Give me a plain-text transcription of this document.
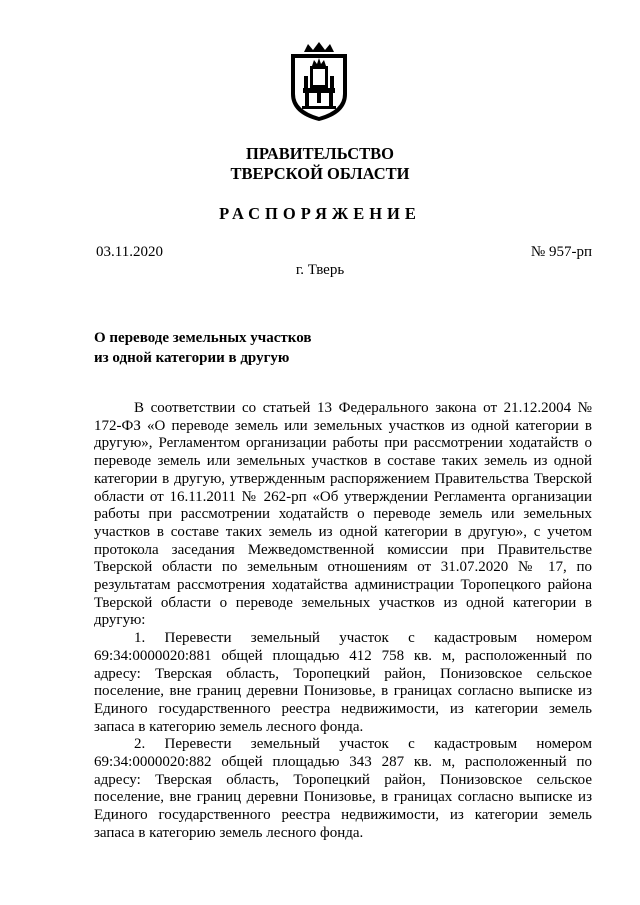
ПРАВИТЕЛЬСТВО
ТВЕРСКОЙ ОБЛАСТИ
РАСПОРЯЖЕНИЕ
03.11.2020	№ 957-рп
г. Тверь
О переводе земельных участков
из одной категории в другую

В соответствии со статьей 13 Федерального закона от 21.12.2004 № 172-ФЗ «О переводе земель или земельных участков из одной категории в другую», Регламентом организации работы при рассмотрении ходатайств о переводе земель или земельных участков в составе таких земель из одной категории в другую, утвержденным распоряжением Правительства Тверской области от 16.11.2011 № 262-рп «Об утверждении Регламента организации работы при рассмотрении ходатайств о переводе земель или земельных участков в составе таких земель из одной категории в другую», с учетом протокола заседания Межведомственной комиссии при Правительстве Тверской области по земельным отношениям от 31.07.2020 № 17, по результатам рассмотрения ходатайства администрации Торопецкого района Тверской области о переводе земельных участков из одной категории в другую:

1. Перевести земельный участок с кадастровым номером 69:34:0000020:881 общей площадью 412 758 кв. м, расположенный по адресу: Тверская область, Торопецкий район, Понизовское сельское поселение, вне границ деревни Понизовье, в границах согласно выписке из Единого государственного реестра недвижимости, из категории земель запаса в категорию земель лесного фонда.

2. Перевести земельный участок с кадастровым номером 69:34:0000020:882 общей площадью 343 287 кв. м, расположенный по адресу: Тверская область, Торопецкий район, Понизовское сельское поселение, вне границ деревни Понизовье, в границах согласно выписке из Единого государственного реестра недвижимости, из категории земель запаса в категорию земель лесного фонда.
